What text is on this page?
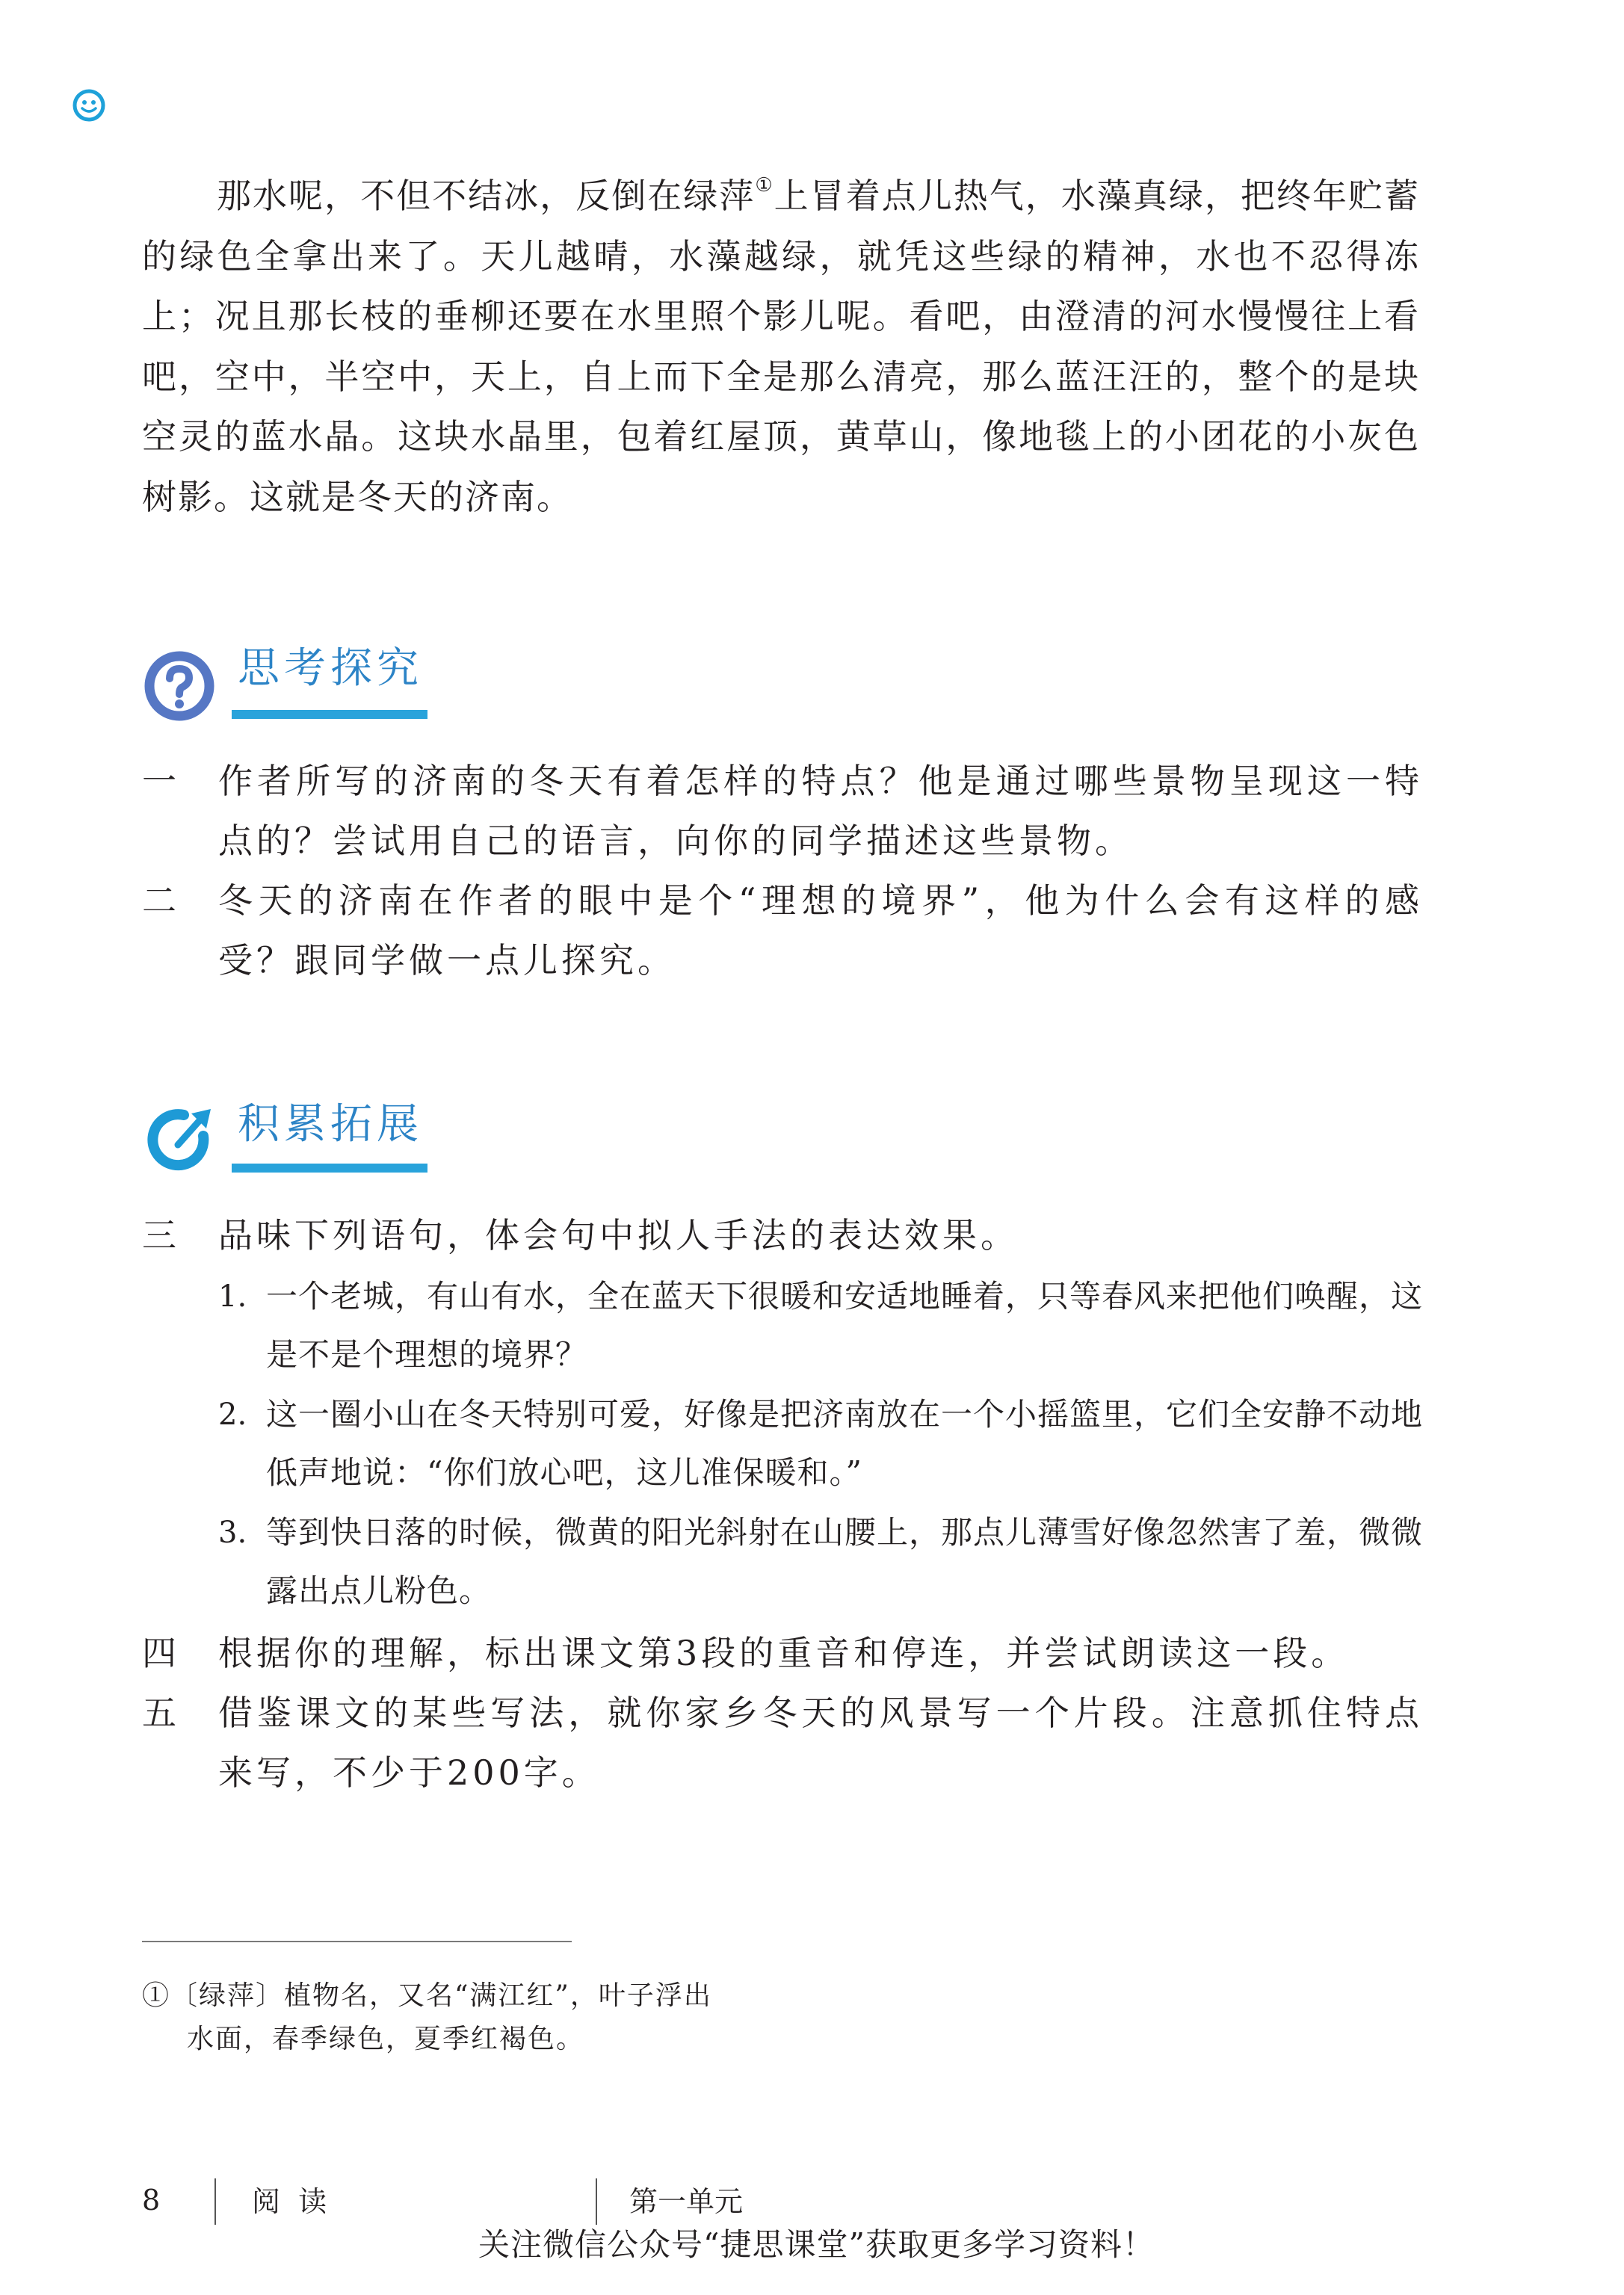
那水呢，不但不结冰，反倒在绿萍①上冒着点儿热气，水藻真绿，把终年贮蓄的绿色全拿出来了。天儿越晴，水藻越绿，就凭这些绿的精神，水也不忍得冻上；况且那长枝的垂柳还要在水里照个影儿呢。看吧，由澄清的河水慢慢往上看吧，空中，半空中，天上，自上而下全是那么清亮，那么蓝汪汪的，整个的是块空灵的蓝水晶。这块水晶里，包着红屋顶，黄草山，像地毯上的小团花的小灰色树影。这就是冬天的济南。

思考探究
一 作者所写的济南的冬天有着怎样的特点？他是通过哪些景物呈现这一特点的？尝试用自己的语言，向你的同学描述这些景物。

二 冬天的济南在作者的眼中是个“理想的境界”，他为什么会有这样的感受？跟同学做一点儿探究。

积累拓展
三 品味下列语句，体会句中拟人手法的表达效果。

1. 一个老城，有山有水，全在蓝天下很暖和安适地睡着，只等春风来把他们唤醒，这是不是个理想的境界？

2. 这一圈小山在冬天特别可爱，好像是把济南放在一个小摇篮里，它们全安静不动地低声地说：“你们放心吧，这儿准保暖和。”

3. 等到快日落的时候，微黄的阳光斜射在山腰上，那点儿薄雪好像忽然害了羞，微微露出点儿粉色。

四 根据你的理解，标出课文第3段的重音和停连，并尝试朗读这一段。

五 借鉴课文的某些写法，就你家乡冬天的风景写一个片段。注意抓住特点来写，不少于200字。

①〔绿萍〕植物名，又名“满江红”，叶子浮出
水面，春季绿色，夏季红褐色。
8	阅 读	第一单元
关注微信公众号“捷思课堂”获取更多学习资料！
